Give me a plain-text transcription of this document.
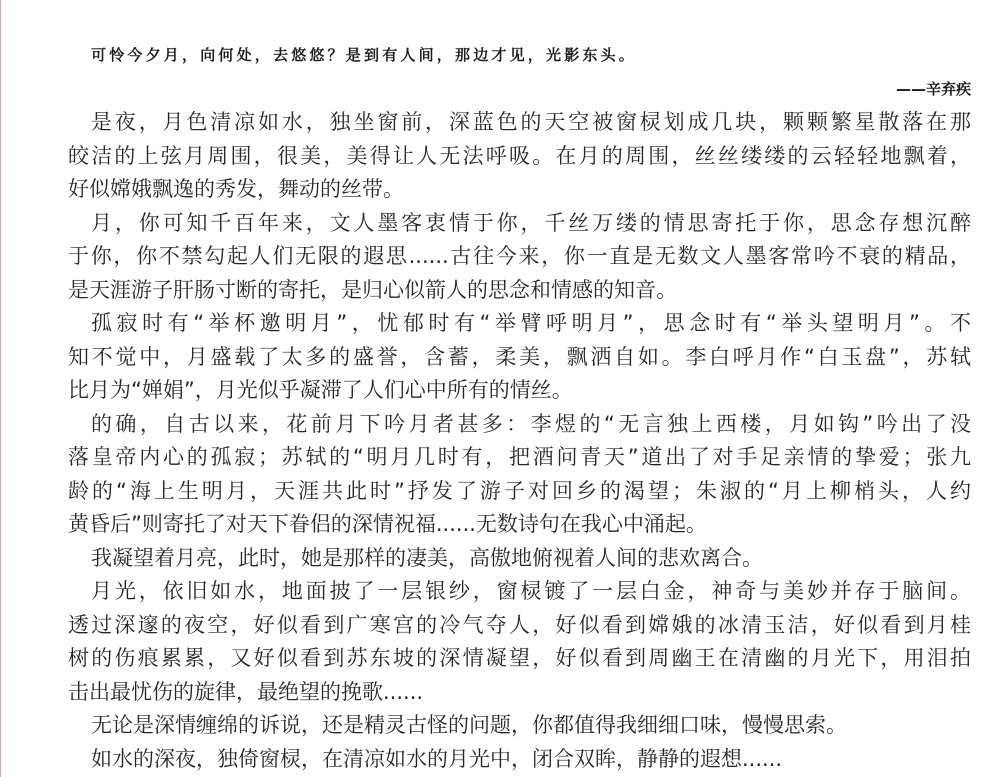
可怜今夕月，向何处，去悠悠？是到有人间，那边才见，光影东头。
——辛弃疾
是夜，月色清凉如水，独坐窗前，深蓝色的天空被窗棂划成几块，颗颗繁星散落在那
皎洁的上弦月周围，很美，美得让人无法呼吸。在月的周围，丝丝缕缕的云轻轻地飘着，
好似嫦娥飘逸的秀发，舞动的丝带。
月，你可知千百年来，文人墨客衷情于你，千丝万缕的情思寄托于你，思念存想沉醉
于你，你不禁勾起人们无限的遐思......古往今来，你一直是无数文人墨客常吟不衰的精品，
是天涯游子肝肠寸断的寄托，是归心似箭人的思念和情感的知音。
孤寂时有“举杯邀明月”，忧郁时有“举臂呼明月”，思念时有“举头望明月”。不
知不觉中，月盛载了太多的盛誉，含蓄，柔美，飘洒自如。李白呼月作“白玉盘”，苏轼
比月为“婵娟”，月光似乎凝滞了人们心中所有的情丝。
的确，自古以来，花前月下吟月者甚多：李煜的“无言独上西楼，月如钩”吟出了没
落皇帝内心的孤寂；苏轼的“明月几时有，把酒问青天”道出了对手足亲情的挚爱；张九
龄的“海上生明月，天涯共此时”抒发了游子对回乡的渴望；朱淑的“月上柳梢头，人约
黄昏后”则寄托了对天下眷侣的深情祝福......无数诗句在我心中涌起。
我凝望着月亮，此时，她是那样的凄美，高傲地俯视着人间的悲欢离合。
月光，依旧如水，地面披了一层银纱，窗棂镀了一层白金，神奇与美妙并存于脑间。
透过深邃的夜空，好似看到广寒宫的冷气夺人，好似看到嫦娥的冰清玉洁，好似看到月桂
树的伤痕累累，又好似看到苏东坡的深情凝望，好似看到周幽王在清幽的月光下，用泪拍
击出最忧伤的旋律，最绝望的挽歌......
无论是深情缠绵的诉说，还是精灵古怪的问题，你都值得我细细口味，慢慢思索。
如水的深夜，独倚窗棂，在清凉如水的月光中，闭合双眸，静静的遐想......
